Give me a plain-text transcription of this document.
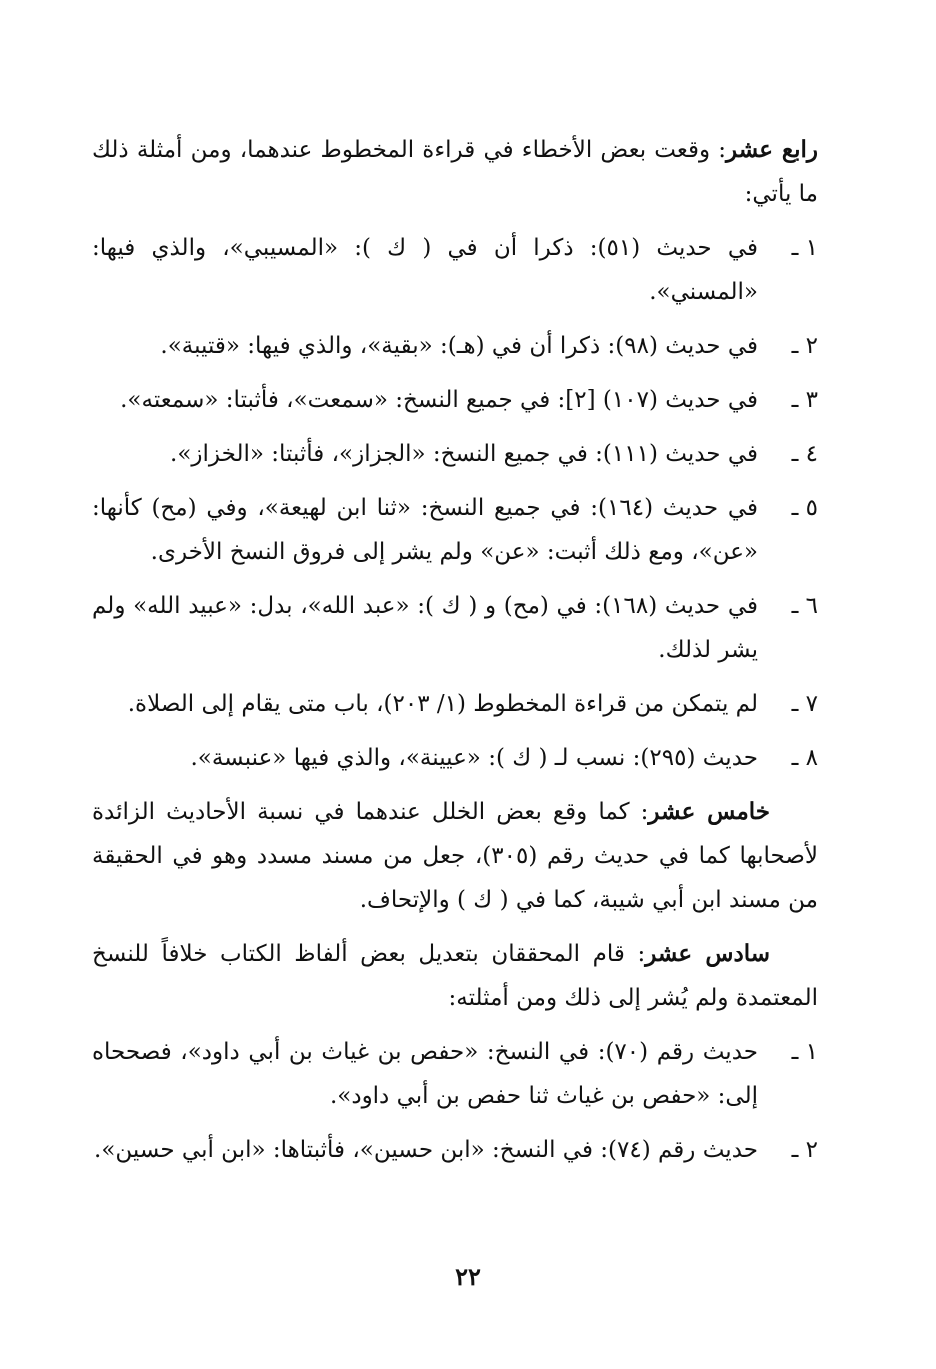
رابع عشر: وقعت بعض الأخطاء في قراءة المخطوط عندهما، ومن أمثلة ذلك ما يأتي:

١ ـ
في حديث (٥١): ذكرا أن في ( ك ): «المسيبي»، والذي فيها: «المسني».
٢ ـ
في حديث (٩٨): ذكرا أن في (هـ): «بقية»، والذي فيها: «قتيبة».
٣ ـ
في حديث (١٠٧) [٢]: في جميع النسخ: «سمعت»، فأثبتا: «سمعته».
٤ ـ
في حديث (١١١): في جميع النسخ: «الجزاز»، فأثبتا: «الخزاز».
٥ ـ
في حديث (١٦٤): في جميع النسخ: «ثنا ابن لهيعة»، وفي (مح) كأنها: «عن»، ومع ذلك أثبت: «عن» ولم يشر إلى فروق النسخ الأخرى.
٦ ـ
في حديث (١٦٨): في (مح) و ( ك ): «عبد الله»، بدل: «عبيد الله» ولم يشر لذلك.
٧ ـ
لم يتمكن من قراءة المخطوط (١/ ٢٠٣)، باب متى يقام إلى الصلاة.
٨ ـ
حديث (٢٩٥): نسب لـ ( ك ): «عيينة»، والذي فيها «عنبسة».

خامس عشر: كما وقع بعض الخلل عندهما في نسبة الأحاديث الزائدة لأصحابها كما في حديث رقم (٣٠٥)، جعل من مسند مسدد وهو في الحقيقة من مسند ابن أبي شيبة، كما في ( ك ) والإتحاف.

سادس عشر: قام المحققان بتعديل بعض ألفاظ الكتاب خلافاً للنسخ المعتمدة ولم يُشر إلى ذلك ومن أمثلته:

١ ـ
حديث رقم (٧٠): في النسخ: «حفص بن غياث بن أبي داود»، فصححاه إلى: «حفص بن غياث ثنا حفص بن أبي داود».
٢ ـ
حديث رقم (٧٤): في النسخ: «ابن حسين»، فأثبتاها: «ابن أبي حسين».
٢٢
